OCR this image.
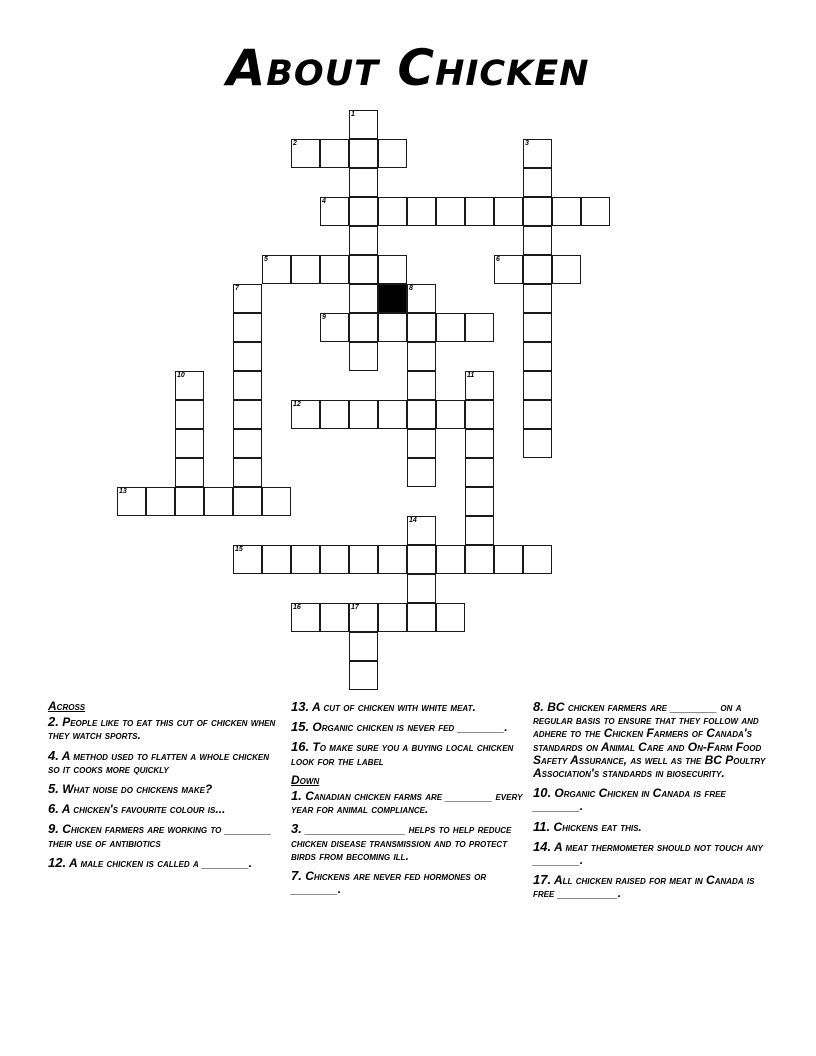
About Chicken
1
2	3
4
5	6
7	8
9
10	11
12
13
14
15
16	17
Across
2. People like to eat this cut of chicken when they watch sports.
4. A method used to flatten a whole chicken so it cooks more quickly
5. What noise do chickens make?
6. A chicken's favourite colour is...
9. Chicken farmers are working to _______ their use of antibiotics
12. A male chicken is called a _______.
13. A cut of chicken with white meat.
15. Organic chicken is never fed _______.
16. To make sure you a buying local chicken look for the label
Down
1. Canadian chicken farms are _______ every year for animal compliance.
3. _______________ helps to help reduce chicken disease transmission and to protect birds from becoming ill.
7. Chickens are never fed hormones or _______.
8. BC chicken farmers are _______ on a regular basis to ensure that they follow and adhere to the Chicken Farmers of Canada's standards on Animal Care and On-Farm Food Safety Assurance, as well as the BC Poultry Association's standards in biosecurity.
10. Organic Chicken in Canada is free _______.
11. Chickens eat this.
14. A meat thermometer should not touch any _______.
17. All chicken raised for meat in Canada is free _________.
